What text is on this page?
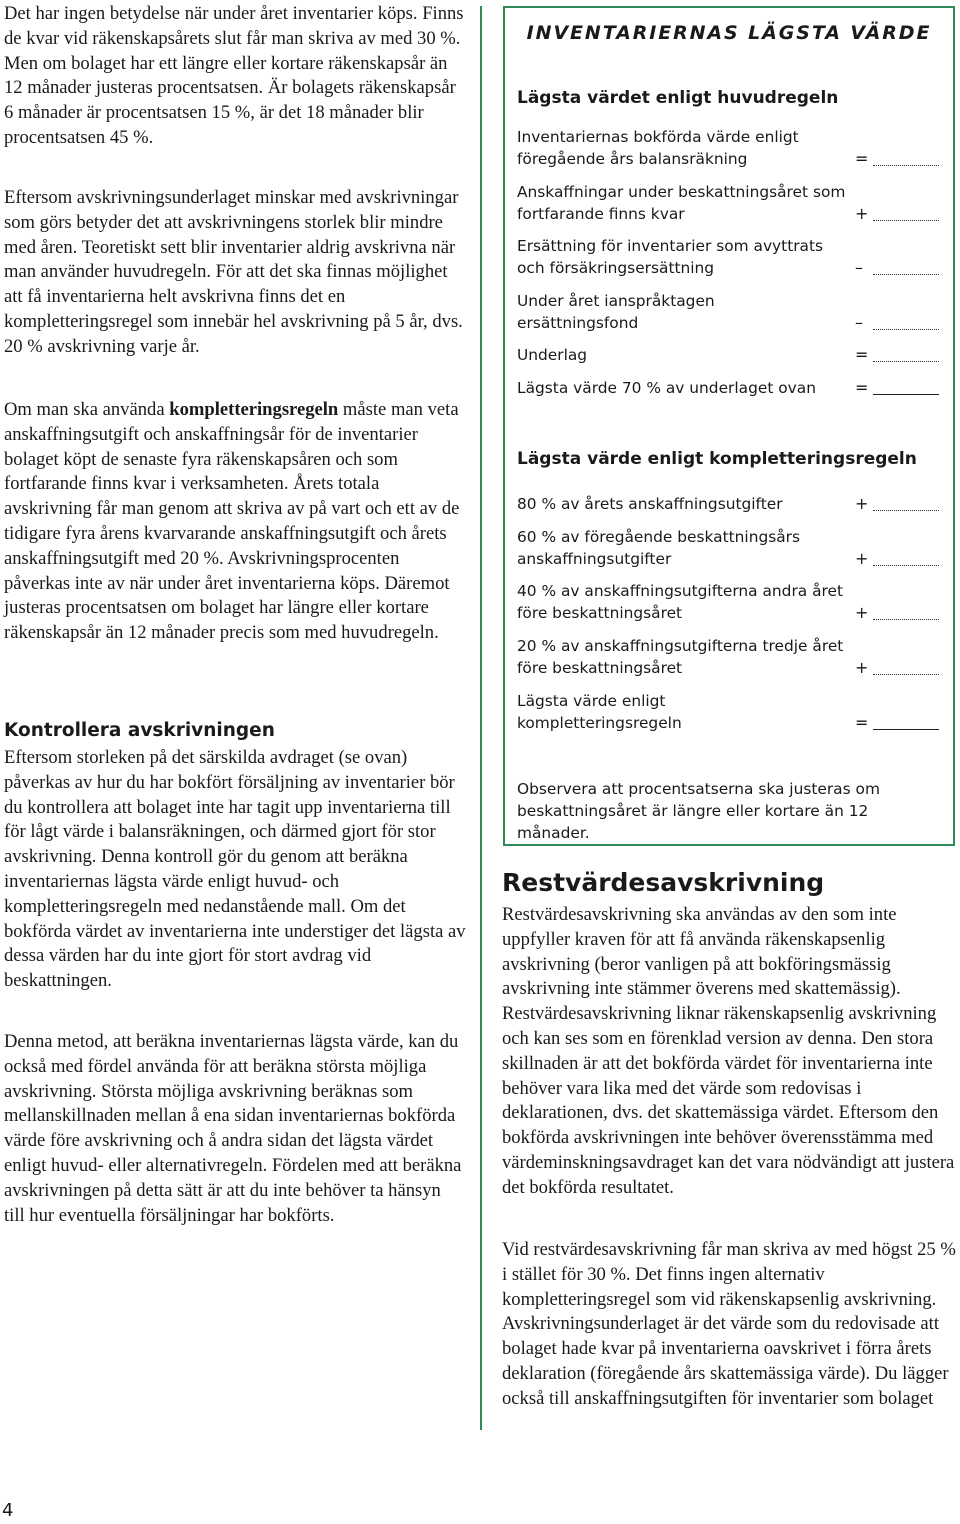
Det har ingen betydelse när under året inventarier köps. Finns de kvar vid räkenskapsårets slut får man skriva av med 30 %. Men om bolaget har ett längre eller kortare räkenskapsår än 12 månader justeras procentsatsen. Är bolagets räkenskapsår 6 månader är procentsatsen 15 %, är det 18 månader blir procentsatsen 45 %.

Eftersom avskrivningsunderlaget minskar med avskrivningar som görs betyder det att avskrivningens storlek blir mindre med åren. Teoretiskt sett blir inventarier aldrig avskrivna när man använder huvudregeln. För att det ska finnas möjlighet att få inventarierna helt avskrivna finns det en kompletteringsregel som innebär hel avskrivning på 5 år, dvs. 20 % avskrivning varje år.

Om man ska använda kompletteringsregeln måste man veta anskaffningsutgift och anskaffningsår för de inventarier bolaget köpt de senaste fyra räkenskapsåren och som fortfarande finns kvar i verksamheten. Årets totala avskrivning får man genom att skriva av på vart och ett av de tidigare fyra årens kvarvarande anskaffningsutgift och årets anskaffningsutgift med 20 %. Avskrivningsprocenten påverkas inte av när under året inventarierna köps. Däremot justeras procentsatsen om bolaget har längre eller kortare räkenskapsår än 12 månader precis som med huvudregeln.

Kontrollera avskrivningen

Eftersom storleken på det särskilda avdraget (se ovan) påverkas av hur du har bokfört försäljning av inventarier bör du kontrollera att bolaget inte har tagit upp inventarierna till för lågt värde i balansräkningen, och därmed gjort för stor avskrivning. Denna kontroll gör du genom att beräkna inventariernas lägsta värde enligt huvud- och kompletteringsregeln med nedanstående mall. Om det bokförda värdet av inventarierna inte understiger det lägsta av dessa värden har du inte gjort för stort avdrag vid beskattningen.

Denna metod, att beräkna inventariernas lägsta värde, kan du också med fördel använda för att beräkna största möjliga avskrivning. Största möjliga avskrivning beräknas som mellanskillnaden mellan å ena sidan inventariernas bokförda värde före avskrivning och å andra sidan det lägsta värdet enligt huvud- eller alternativregeln. Fördelen med att beräkna avskrivningen på detta sätt är att du inte behöver ta hänsyn till hur eventuella försäljningar har bokförts.

INVENTARIERNAS LÄGSTA VÄRDE
Lägsta värdet enligt huvudregeln
Inventariernas bokförda värde enligt föregående års balansräkning	=
Anskaffningar under beskattningsåret som fortfarande finns kvar	+
Ersättning för inventarier som avyttrats och försäkringsersättning	–
Under året ianspråktagen ersättningsfond	–
Underlag	=
Lägsta värde 70 % av underlaget ovan	=
Lägsta värde enligt kompletteringsregeln
80 % av årets anskaffningsutgifter	+
60 % av föregående beskattningsårs anskaffningsutgifter	+
40 % av anskaffningsutgifterna andra året före beskattningsåret	+
20 % av anskaffningsutgifterna tredje året före beskattningsåret	+
Lägsta värde enligt kompletteringsregeln	=

Observera att procentsatserna ska justeras om beskattningsåret är längre eller kortare än 12 månader.

Restvärdesavskrivning

Restvärdesavskrivning ska användas av den som inte uppfyller kraven för att få använda räkenskapsenlig avskrivning (beror vanligen på att bokföringsmässig avskrivning inte stämmer överens med skattemässig). Restvärdesavskrivning liknar räkenskapsenlig avskrivning och kan ses som en förenklad version av denna. Den stora skillnaden är att det bokförda värdet för inventarierna inte behöver vara lika med det värde som redovisas i deklarationen, dvs. det skattemässiga värdet. Eftersom den bokförda avskrivningen inte behöver överensstämma med värdeminskningsavdraget kan det vara nödvändigt att justera det bokförda resultatet.

Vid restvärdesavskrivning får man skriva av med högst 25 % i stället för 30 %. Det finns ingen alternativ kompletteringsregel som vid räkenskapsenlig avskrivning. Avskrivningsunderlaget är det värde som du redovisade att bolaget hade kvar på inventarierna oavskrivet i förra årets deklaration (föregående års skattemässiga värde). Du lägger också till anskaffningsutgiften för inventarier som bolaget

4
